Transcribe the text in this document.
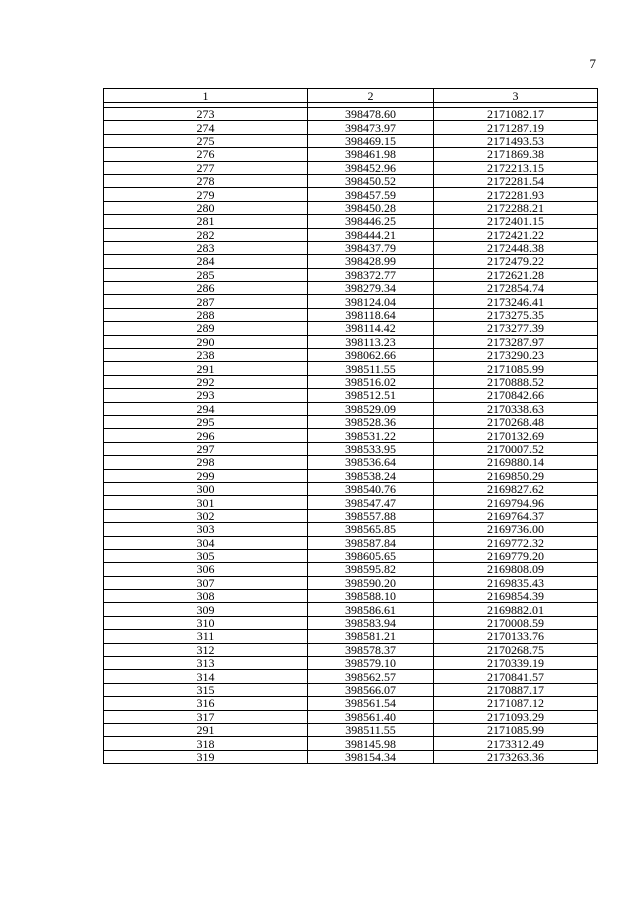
7
1	2	3

273	398478.60	2171082.17
274	398473.97	2171287.19
275	398469.15	2171493.53
276	398461.98	2171869.38
277	398452.96	2172213.15
278	398450.52	2172281.54
279	398457.59	2172281.93
280	398450.28	2172288.21
281	398446.25	2172401.15
282	398444.21	2172421.22
283	398437.79	2172448.38
284	398428.99	2172479.22
285	398372.77	2172621.28
286	398279.34	2172854.74
287	398124.04	2173246.41
288	398118.64	2173275.35
289	398114.42	2173277.39
290	398113.23	2173287.97
238	398062.66	2173290.23
291	398511.55	2171085.99
292	398516.02	2170888.52
293	398512.51	2170842.66
294	398529.09	2170338.63
295	398528.36	2170268.48
296	398531.22	2170132.69
297	398533.95	2170007.52
298	398536.64	2169880.14
299	398538.24	2169850.29
300	398540.76	2169827.62
301	398547.47	2169794.96
302	398557.88	2169764.37
303	398565.85	2169736.00
304	398587.84	2169772.32
305	398605.65	2169779.20
306	398595.82	2169808.09
307	398590.20	2169835.43
308	398588.10	2169854.39
309	398586.61	2169882.01
310	398583.94	2170008.59
311	398581.21	2170133.76
312	398578.37	2170268.75
313	398579.10	2170339.19
314	398562.57	2170841.57
315	398566.07	2170887.17
316	398561.54	2171087.12
317	398561.40	2171093.29
291	398511.55	2171085.99
318	398145.98	2173312.49
319	398154.34	2173263.36
